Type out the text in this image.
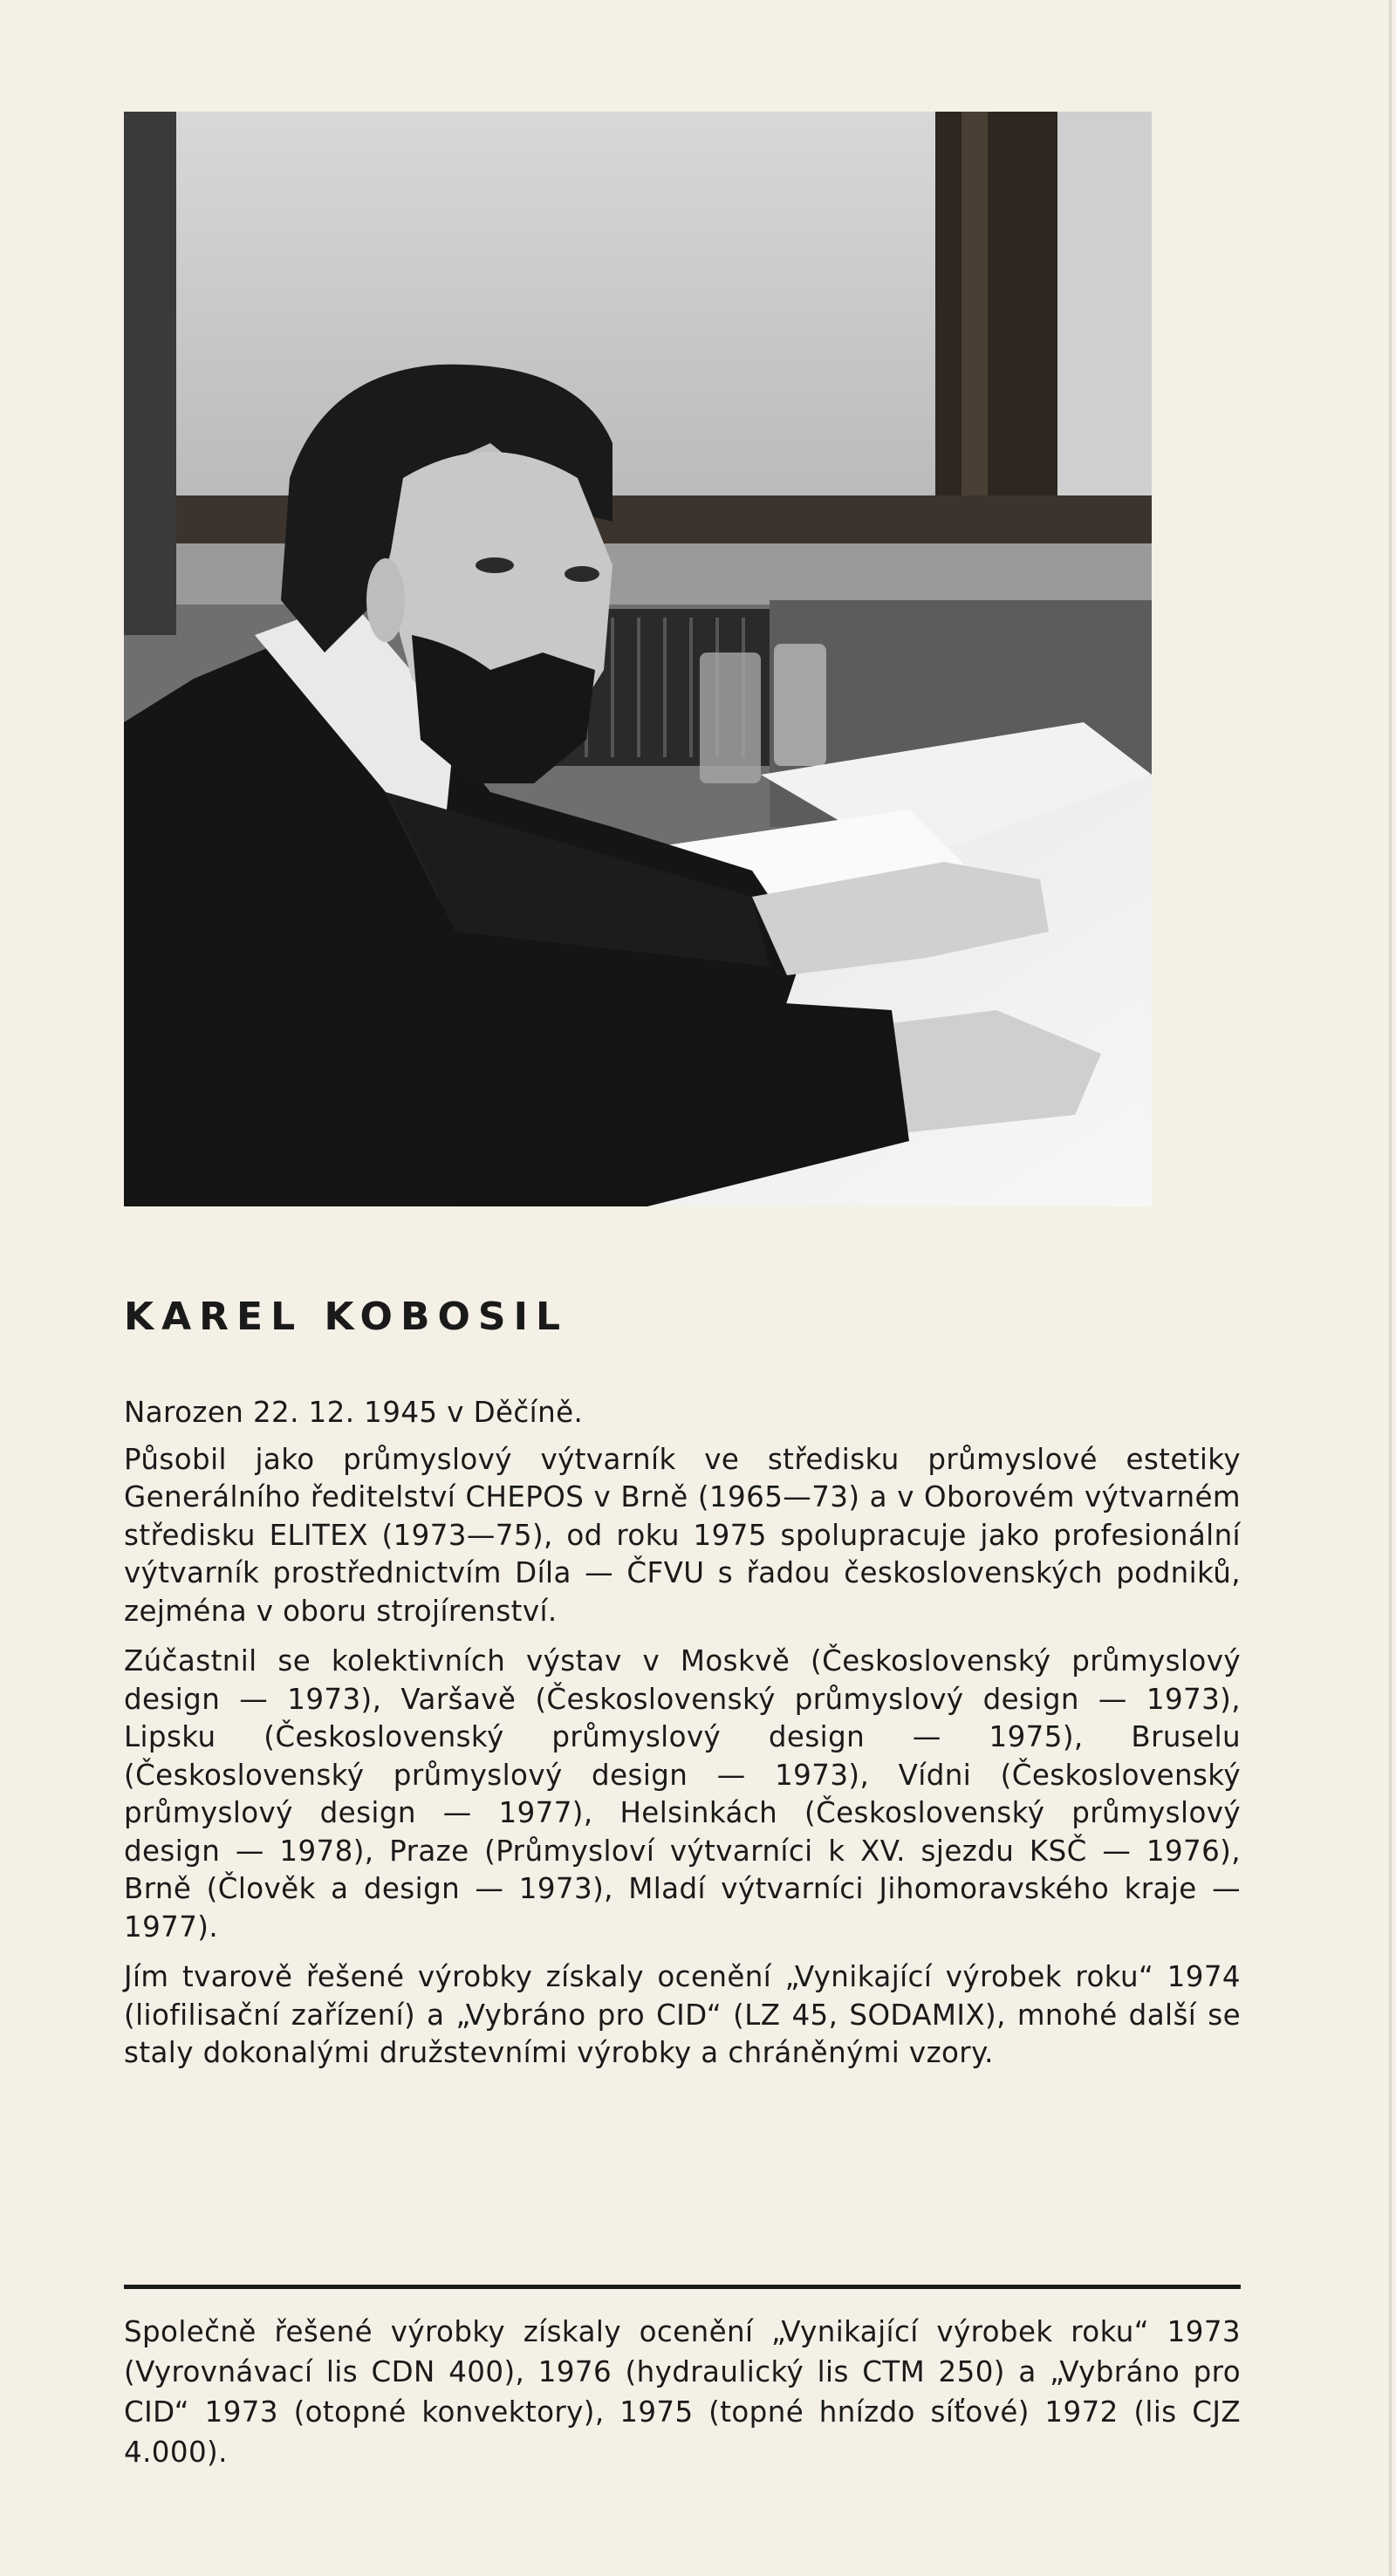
KAREL KOBOSIL

Narozen 22. 12. 1945 v Děčíně.

Působil jako průmyslový výtvarník ve středisku průmyslové estetiky Generálního ředitelství CHEPOS v Brně (1965—73) a v Oborovém výtvarném středisku ELITEX (1973—75), od roku 1975 spolupracuje jako profesionální výtvarník prostřednictvím Díla — ČFVU s řadou československých podniků, zejména v oboru strojírenství.

Zúčastnil se kolektivních výstav v Moskvě (Československý průmyslový design — 1973), Varšavě (Československý průmyslový design — 1973), Lipsku (Československý průmyslový design — 1975), Bruselu (Československý průmyslový design — 1973), Vídni (Československý průmyslový design — 1977), Helsinkách (Československý průmyslový design — 1978), Praze (Průmysloví výtvarníci k XV. sjezdu KSČ — 1976), Brně (Člověk a design — 1973), Mladí výtvarníci Jihomoravského kraje — 1977).

Jím tvarově řešené výrobky získaly ocenění „Vynikající výrobek roku“ 1974 (liofilisační zařízení) a „Vybráno pro CID“ (LZ 45, SODAMIX), mnohé další se staly dokonalými družstevními výrobky a chráněnými vzory.

Společně řešené výrobky získaly ocenění „Vynikající výrobek roku“ 1973 (Vyrovnávací lis CDN 400), 1976 (hydraulický lis CTM 250) a „Vybráno pro CID“ 1973 (otopné konvektory), 1975 (topné hnízdo síťové) 1972 (lis CJZ 4.000).
